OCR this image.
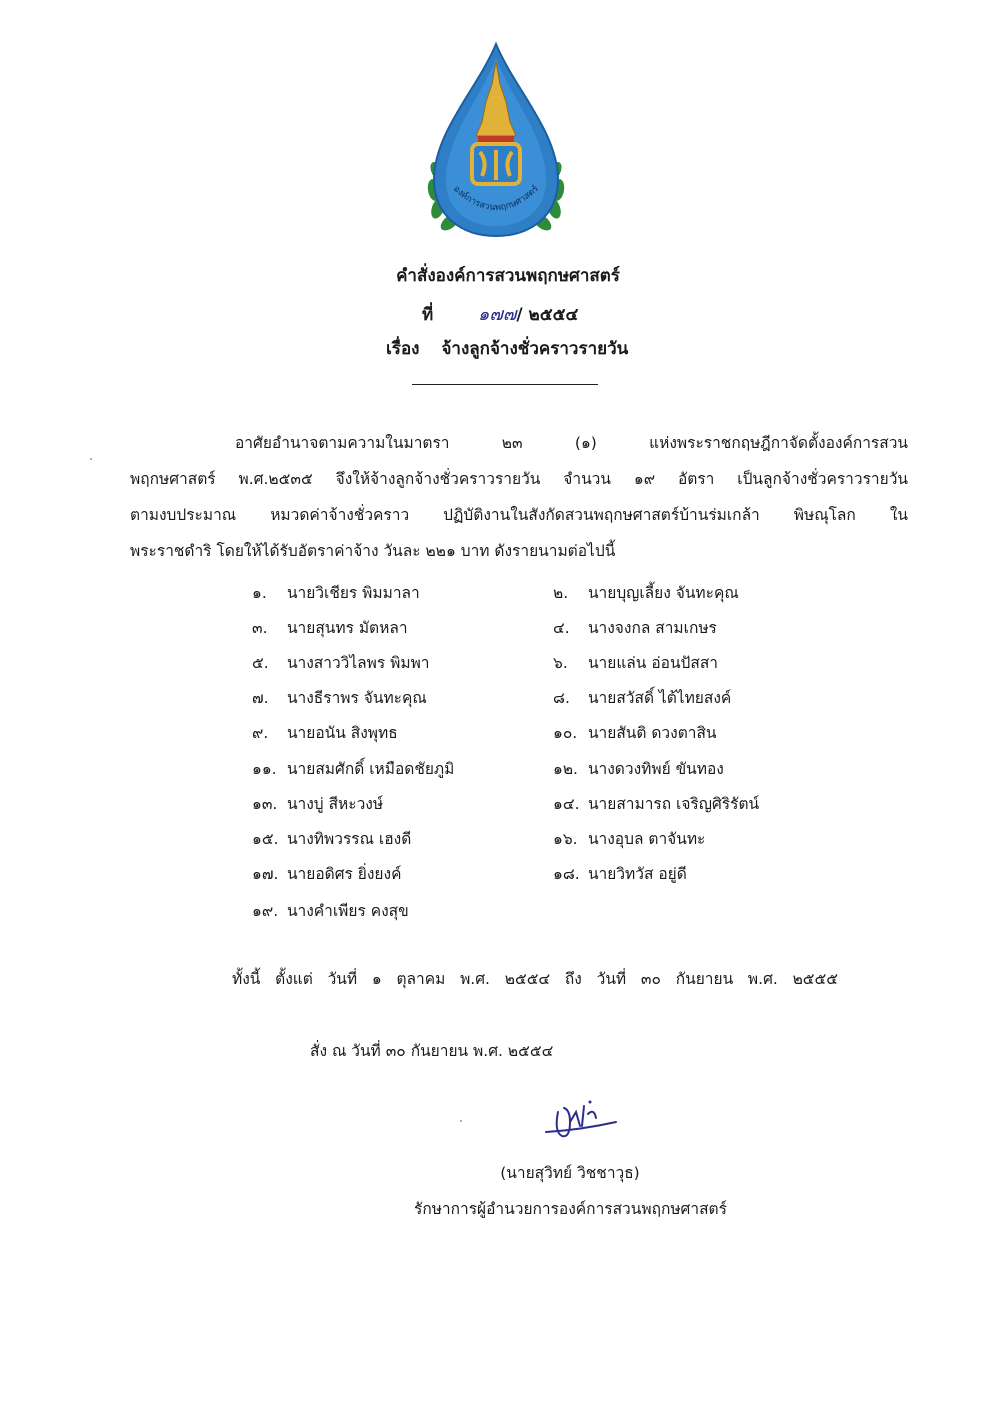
องค์การสวนพฤกษศาสตร์
คำสั่งองค์การสวนพฤกษศาสตร์
ที่ ๑๗๗/ ๒๕๕๔
เรื่อง จ้างลูกจ้างชั่วคราวรายวัน
อาศัยอำนาจตามความในมาตรา ๒๓ (๑) แห่งพระราชกฤษฎีกาจัดตั้งองค์การสวน
พฤกษศาสตร์ พ.ศ.๒๕๓๕ จึงให้จ้างลูกจ้างชั่วคราวรายวัน จำนวน ๑๙ อัตรา เป็นลูกจ้างชั่วคราวรายวัน
ตามงบประมาณ หมวดค่าจ้างชั่วคราว ปฏิบัติงานในสังกัดสวนพฤกษศาสตร์บ้านร่มเกล้า พิษณุโลก ใน
พระราชดำริ โดยให้ได้รับอัตราค่าจ้าง วันละ ๒๒๑ บาท ดังรายนามต่อไปนี้
๑. นายวิเชียร พิมมาลา	๒. นายบุญเลี้ยง จันทะคุณ
๓. นายสุนทร มัตหลา	๔. นางจงกล สามเกษร
๕. นางสาววิไลพร พิมพา	๖. นายแล่น อ่อนปัสสา
๗. นางธีราพร จันทะคุณ	๘. นายสวัสดิ์ ไต้ไทยสงค์
๙. นายอนัน สิงพุทธ	๑๐. นายสันติ ดวงตาสิน
๑๑. นายสมศักดิ์ เหมือดชัยภูมิ	๑๒. นางดวงทิพย์ ขันทอง
๑๓. นางบู่ สีหะวงษ์	๑๔. นายสามารถ เจริญศิริรัตน์
๑๕. นางทิพวรรณ เฮงดี	๑๖. นางอุบล ตาจันทะ
๑๗. นายอดิศร ยิ่งยงค์	๑๘. นายวิทวัส อยู่ดี
๑๙. นางคำเพียร คงสุข
ทั้งนี้ ตั้งแต่ วันที่ ๑ ตุลาคม พ.ศ. ๒๕๕๔ ถึง วันที่ ๓๐ กันยายน พ.ศ. ๒๕๕๕
สั่ง ณ วันที่ ๓๐ กันยายน พ.ศ. ๒๕๕๔
(นายสุวิทย์ วิชชาวุธ)
รักษาการผู้อำนวยการองค์การสวนพฤกษศาสตร์
